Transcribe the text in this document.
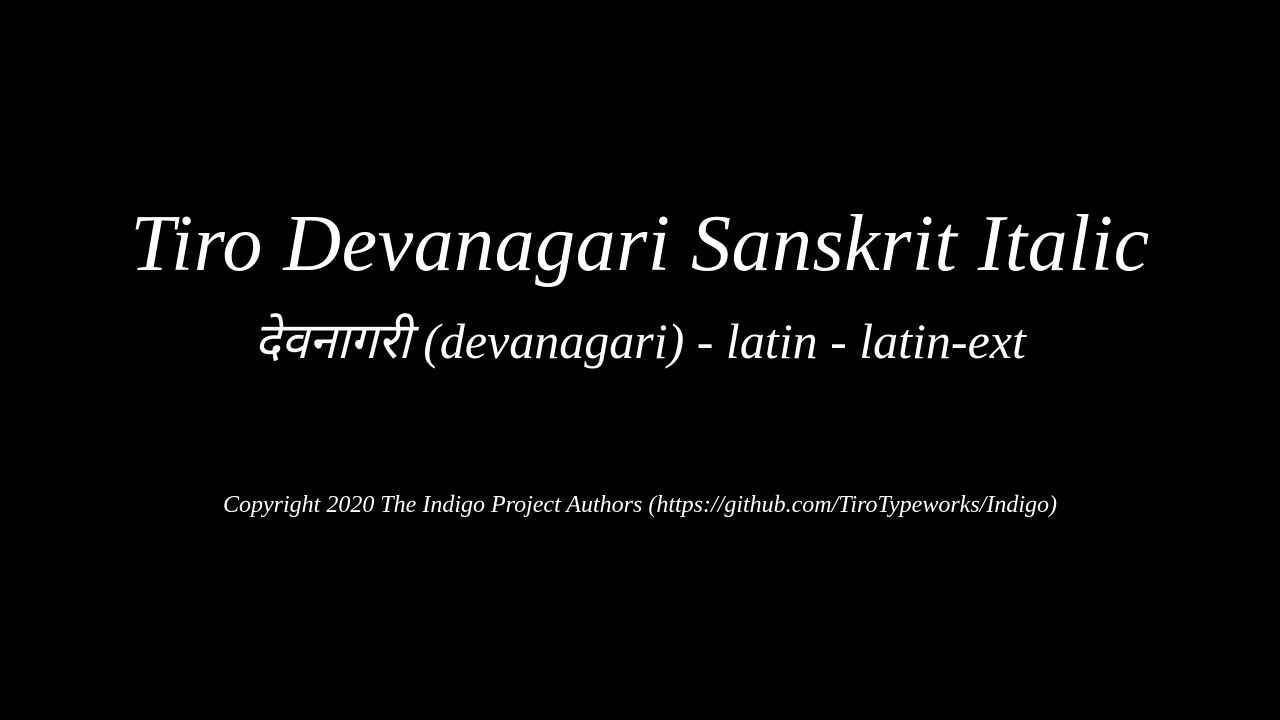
Tiro Devanagari Sanskrit Italic
देवनागरी (devanagari) - latin - latin-ext
Copyright 2020 The Indigo Project Authors (https://github.com/TiroTypeworks/Indigo)
